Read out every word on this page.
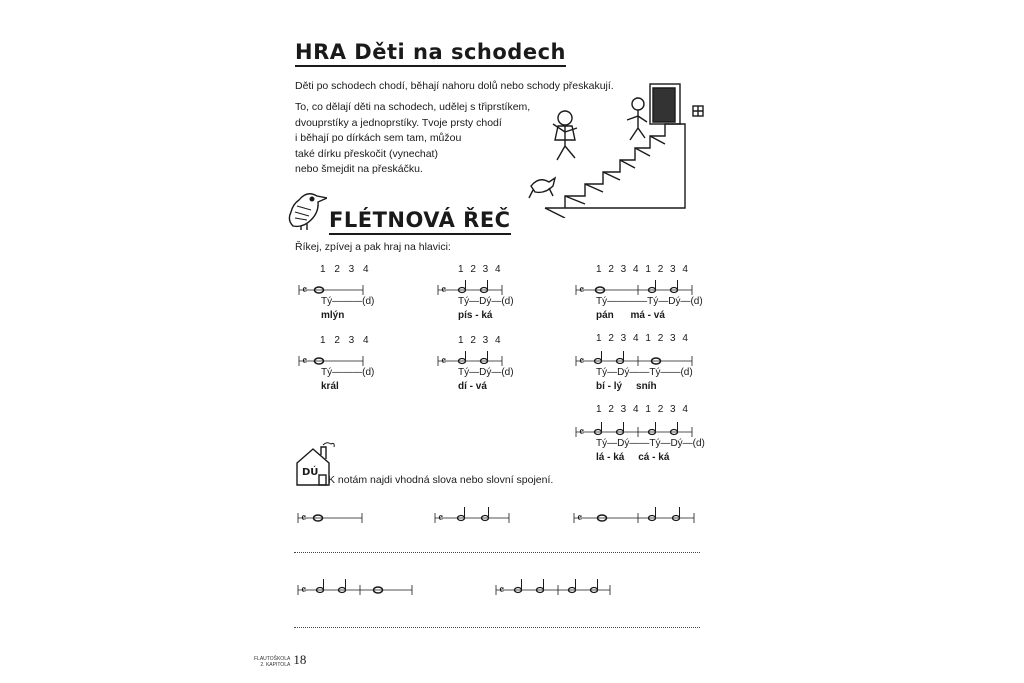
HRA Děti na schodech
Děti po schodech chodí, běhají nahoru dolů nebo schody přeskakují.
To, co dělají děti na schodech, udělej s třiprstíkem,
dvouprstíky a jednoprstíky. Tvoje prsty chodí
i běhají po dírkách sem tam, můžou
také dírku přeskočit (vynechat)
nebo šmejdit na přeskáčku.
FLÉTNOVÁ ŘEČ
Říkej, zpívej a pak hraj na hlavici:
1 2 3 4
𝄴
Tý———(d)
mlýn
1 2 3 4
𝄴
Tý—Dý—(d)
pís - ká
1 2 3 4 1 2 3 4
𝄴
Tý————Tý—Dý—(d)
pán      má - vá
1 2 3 4
𝄴
Tý———(d)
král
1 2 3 4
𝄴
Tý—Dý—(d)
dí - vá
1 2 3 4 1 2 3 4
𝄴
Tý—Dý——Tý——(d)
bí - lý     sníh
1 2 3 4 1 2 3 4
𝄴
Tý—Dý——Tý—Dý—(d)
lá - ká     cá - ká
DÚ
K notám najdi vhodná slova nebo slovní spojení.
𝄴	𝄴	𝄴
𝄴	𝄴
FLAUTOŠKOLA
2. KAPITOLA 18
